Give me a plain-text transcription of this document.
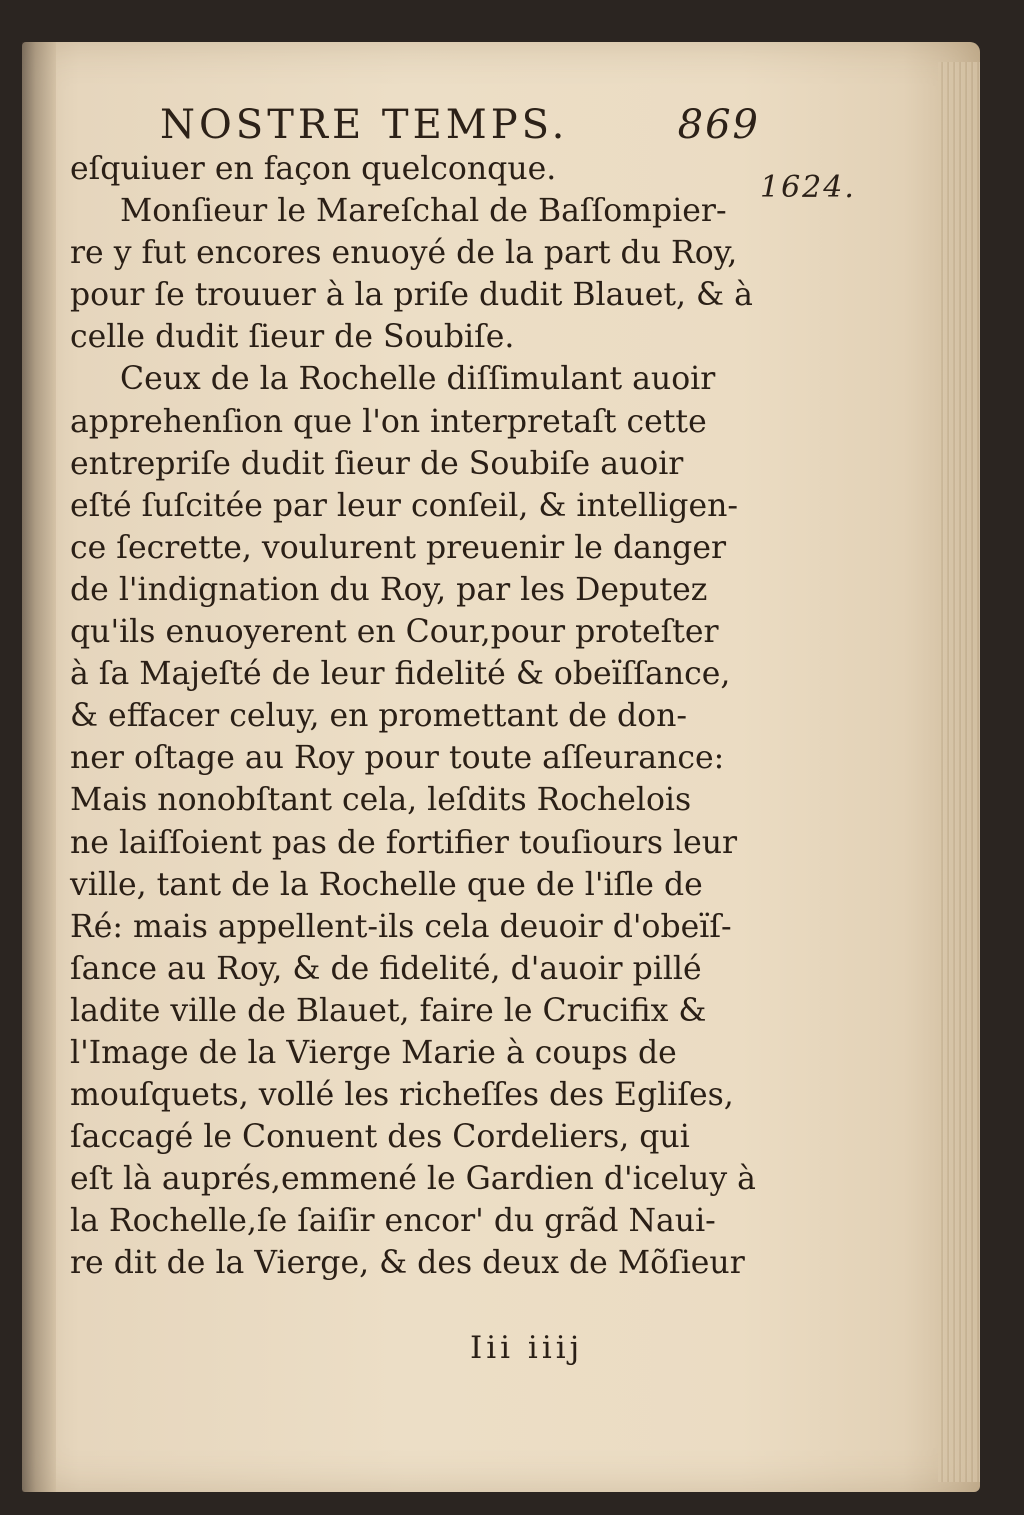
NOSTRE TEMPS.	869
1624.
eſquiuer en façon quelconque.
Monſieur le Mareſchal de Baſſompier-
re y fut encores enuoyé de la part du Roy,
pour ſe trouuer à la priſe dudit Blauet, & à
celle dudit ſieur de Soubiſe.
Ceux de la Rochelle diſſimulant auoir
apprehenſion que l'on interpretaſt cette
entrepriſe dudit ſieur de Soubiſe auoir
eſté ſuſcitée par leur conſeil, & intelligen-
ce ſecrette, voulurent preuenir le danger
de l'indignation du Roy, par les Deputez
qu'ils enuoyerent en Cour,pour proteſter
à ſa Majeſté de leur fidelité & obeïſſance,
& effacer celuy, en promettant de don-
ner oſtage au Roy pour toute aſſeurance:
Mais nonobſtant cela, leſdits Rochelois
ne laiſſoient pas de fortifier touſiours leur
ville, tant de la Rochelle que de l'iſle de
Ré: mais appellent-ils cela deuoir d'obeïſ-
ſance au Roy, & de fidelité, d'auoir pillé
ladite ville de Blauet, faire le Crucifix &
l'Image de la Vierge Marie à coups de
mouſquets, vollé les richeſſes des Egliſes,
ſaccagé le Conuent des Cordeliers, qui
eſt là auprés,emmené le Gardien d'iceluy à
la Rochelle,ſe ſaiſir encor' du grãd Naui-
re dit de la Vierge, & des deux de Mõſieur
Iii iiij
